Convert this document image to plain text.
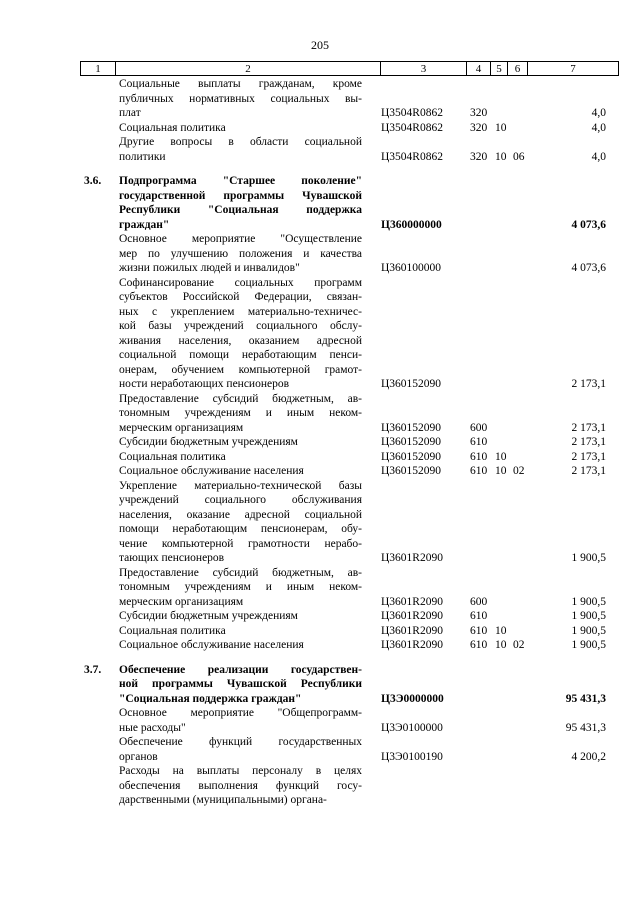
205
1	2	3	4	5	6	7
Социальные выплаты гражданам, кроме
публичных нормативных социальных вы-
плат	Ц3504R0862	320	4,0
Социальная политика	Ц3504R0862	320 10	4,0
Другие вопросы в области социальной
политики	Ц3504R0862	320 10 06	4,0
3.6.	Подпрограмма "Старшее поколение"
государственной программы Чувашской
Республики "Социальная поддержка
граждан"	Ц360000000	4 073,6
Основное мероприятие "Осуществление
мер по улучшению положения и качества
жизни пожилых людей и инвалидов"	Ц360100000	4 073,6
Софинансирование социальных программ
субъектов Российской Федерации, связан-
ных с укреплением материально-техничес-
кой базы учреждений социального обслу-
живания населения, оказанием адресной
социальной помощи неработающим пенси-
онерам, обучением компьютерной грамот-
ности неработающих пенсионеров	Ц360152090	2 173,1
Предоставление субсидий бюджетным, ав-
тономным учреждениям и иным неком-
мерческим организациям	Ц360152090	600	2 173,1
Субсидии бюджетным учреждениям	Ц360152090	610	2 173,1
Социальная политика	Ц360152090	610 10	2 173,1
Социальное обслуживание населения	Ц360152090	610 10 02	2 173,1
Укрепление материально-технической базы
учреждений социального обслуживания
населения, оказание адресной социальной
помощи неработающим пенсионерам, обу-
чение компьютерной грамотности нерабо-
тающих пенсионеров	Ц3601R2090	1 900,5
Предоставление субсидий бюджетным, ав-
тономным учреждениям и иным неком-
мерческим организациям	Ц3601R2090	600	1 900,5
Субсидии бюджетным учреждениям	Ц3601R2090	610	1 900,5
Социальная политика	Ц3601R2090	610 10	1 900,5
Социальное обслуживание населения	Ц3601R2090	610 10 02	1 900,5
3.7.	Обеспечение реализации государствен-
ной программы Чувашской Республики
"Социальная поддержка граждан"	Ц3Э0000000	95 431,3
Основное мероприятие "Общепрограмм-
ные расходы"	Ц3Э0100000	95 431,3
Обеспечение функций государственных
органов	Ц3Э0100190	4 200,2
Расходы на выплаты персоналу в целях
обеспечения выполнения функций госу-
дарственными (муниципальными) органа-
